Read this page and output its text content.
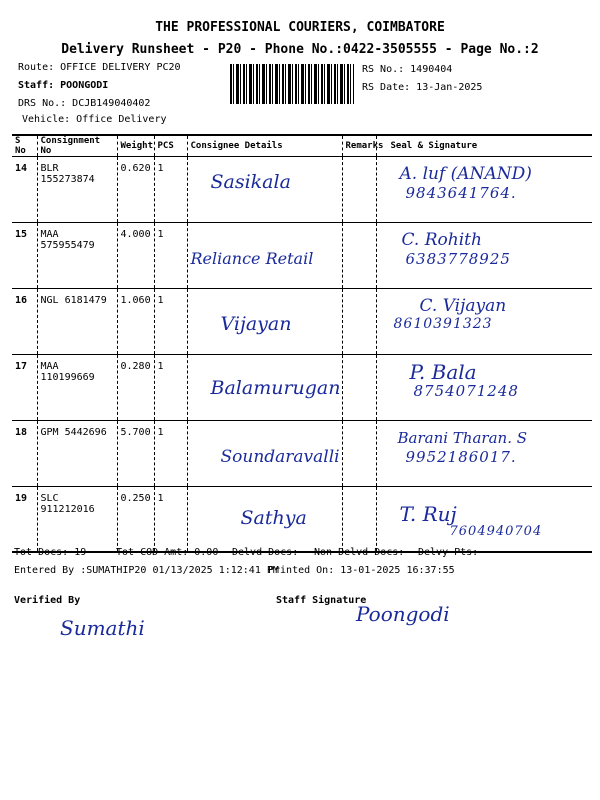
THE PROFESSIONAL COURIERS, COIMBATORE
Delivery Runsheet - P20 - Phone No.:0422-3505555 - Page No.:2
Route: OFFICE DELIVERY PC20
Staff: POONGODI
DRS No.: DCJB149040402
Vehicle: Office Delivery
RS No.: 1490404
RS Date: 13-Jan-2025
S No	Consignment No	Weight	PCS	Consignee Details	Remarks	Seal & Signature
14	BLR 155273874	0.620	1	Sasikala		A. luf (ANAND)
9843641764.

15	MAA 575955479	4.000	1	Reliance Retail		C. Rohith
6383778925

16	NGL 6181479	1.060	1	Vijayan		C. Vijayan
8610391323

17	MAA 110199669	0.280	1	Balamurugan		P. Bala
8754071248

18	GPM 5442696	5.700	1	Soundaravalli		Barani Tharan. S
9952186017.

19	SLC 911212016	0.250	1	Sathya		T. Ruj
7604940704
Tot Docs: 19	Tot COD Amt: 0.00 Delvd Docs: Non Delvd Docs: Delvy Pts:
Entered By :SUMATHIP20 01/13/2025 1:12:41 PM
Printed On: 13-01-2025 16:37:55
Verified By
Sumathi
Staff Signature
Poongodi
